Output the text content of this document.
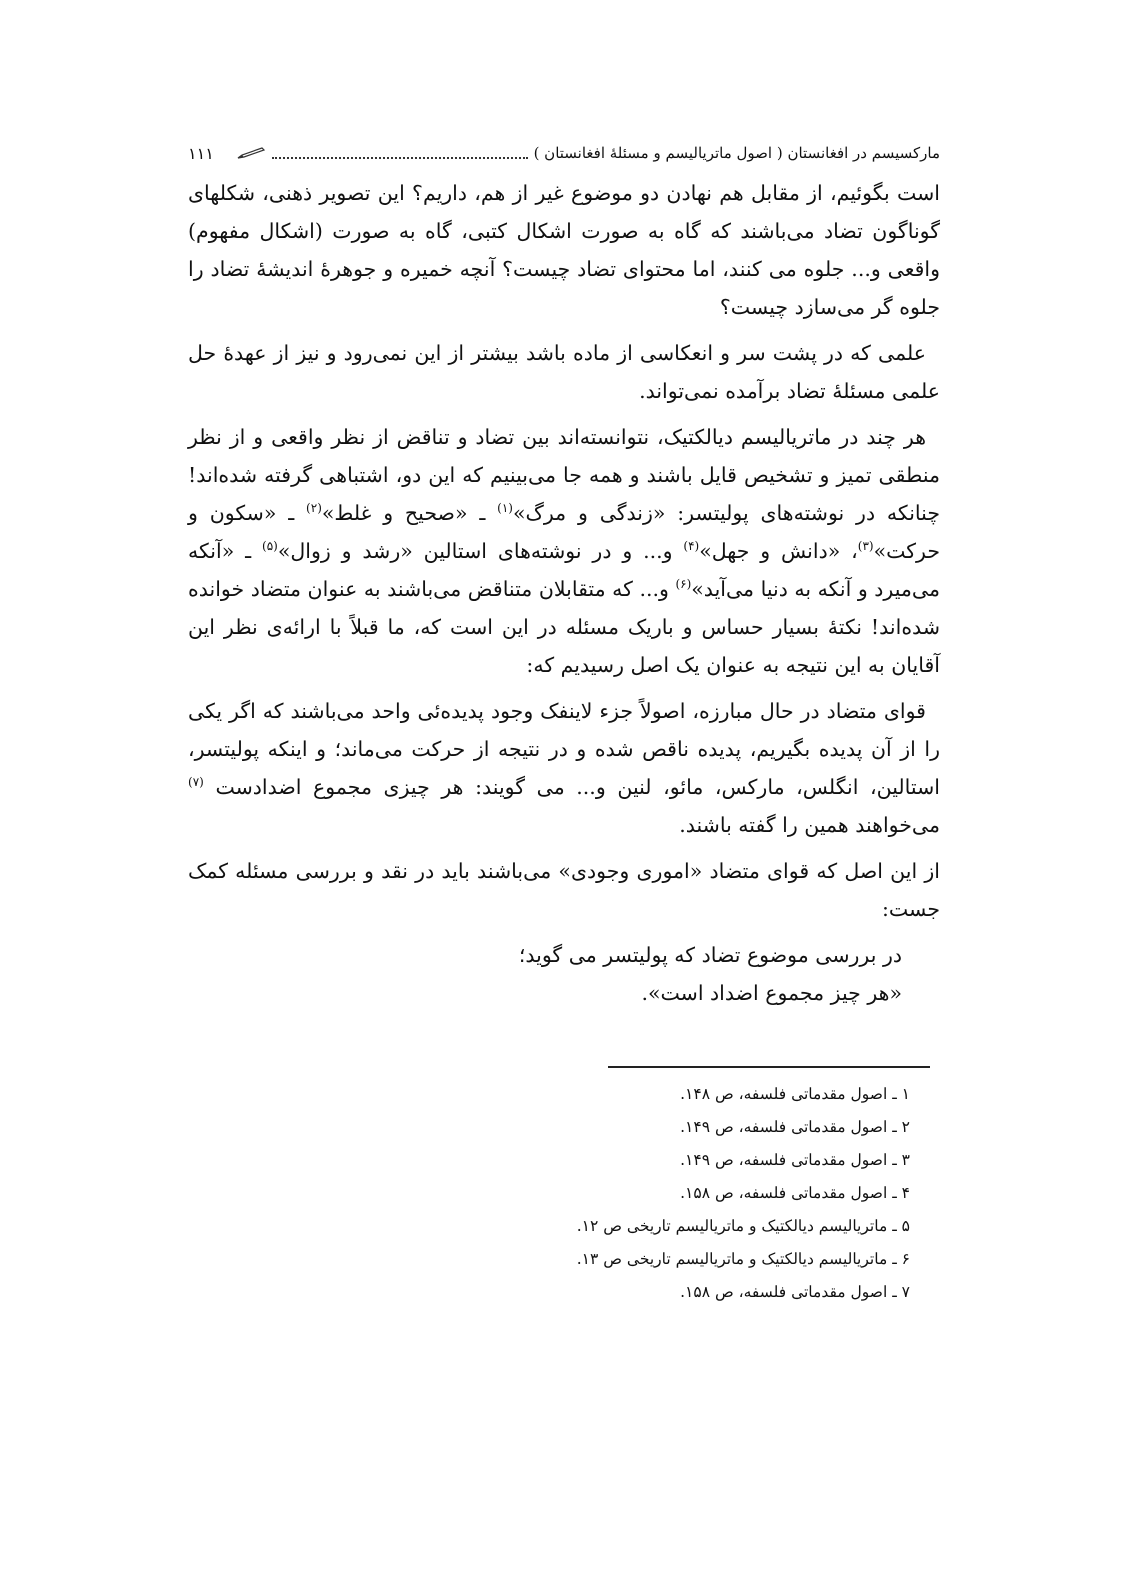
مارکسیسم در افغانستان ( اصول ماتریالیسم و مسئلهٔ افغانستان )
۱۱۱

است بگوئیم، از مقابل هم نهادن دو موضوع غیر از هم، داریم؟ این تصویر ذهنی، شکلهای گوناگون تضاد می‌باشند که گاه به صورت اشکال کتبی، گاه به صورت (اشکال مفهوم) واقعی و... جلوه می کنند، اما محتوای تضاد چیست؟ آنچه خمیره و جوهرهٔ اندیشهٔ تضاد را جلوه گر می‌سازد چیست؟

علمی که در پشت سر و انعکاسی از ماده باشد بیشتر از این نمی‌رود و نیز از عهدهٔ حل علمی مسئلهٔ تضاد برآمده نمی‌تواند.

هر چند در ماتریالیسم دیالکتیک، نتوانسته‌اند بین تضاد و تناقض از نظر واقعی و از نظر منطقی تمیز و تشخیص قایل باشند و همه جا می‌بینیم که این دو، اشتباهی گرفته شده‌اند! چنانکه در نوشته‌های پولیتسر: «زندگی و مرگ»$^{(۱)}$ ـ «صحیح و غلط»$^{(۲)}$ ـ «سکون و حرکت»$^{(۳)}$، «دانش و جهل»$^{(۴)}$ و... و در نوشته‌های استالین «رشد و زوال»$^{(۵)}$ ـ «آنکه می‌میرد و آنکه به دنیا می‌آید»$^{(۶)}$ و... که متقابلان متناقض می‌باشند به عنوان متضاد خوانده شده‌اند! نکتهٔ بسیار حساس و باریک مسئله در این است که، ما قبلاً با ارائه‌ی نظر این آقایان به این نتیجه به عنوان یک اصل رسیدیم که:

قوای متضاد در حال مبارزه، اصولاً جزء لاینفک وجود پدیده‌ئی واحد می‌باشند که اگر یکی را از آن پدیده بگیریم، پدیده ناقص شده و در نتیجه از حرکت می‌ماند؛ و اینکه پولیتسر، استالین، انگلس، مارکس، مائو، لنین و... می گویند: هر چیزی مجموع اضدادست $^{(۷)}$ می‌خواهند همین را گفته باشند.

از این اصل که قوای متضاد «اموری وجودی» می‌باشند باید در نقد و بررسی مسئله کمک جست:

در بررسی موضوع تضاد که پولیتسر می گوید؛

«هر چیز مجموع اضداد است».

۱ ـ اصول مقدماتی فلسفه، ص ۱۴۸.
۲ ـ اصول مقدماتی فلسفه، ص ۱۴۹.
۳ ـ اصول مقدماتی فلسفه، ص ۱۴۹.
۴ ـ اصول مقدماتی فلسفه، ص ۱۵۸.
۵ ـ ماتریالیسم دیالکتیک و ماتریالیسم تاریخی ص ۱۲.
۶ ـ ماتریالیسم دیالکتیک و ماتریالیسم تاریخی ص ۱۳.
۷ ـ اصول مقدماتی فلسفه، ص ۱۵۸.
